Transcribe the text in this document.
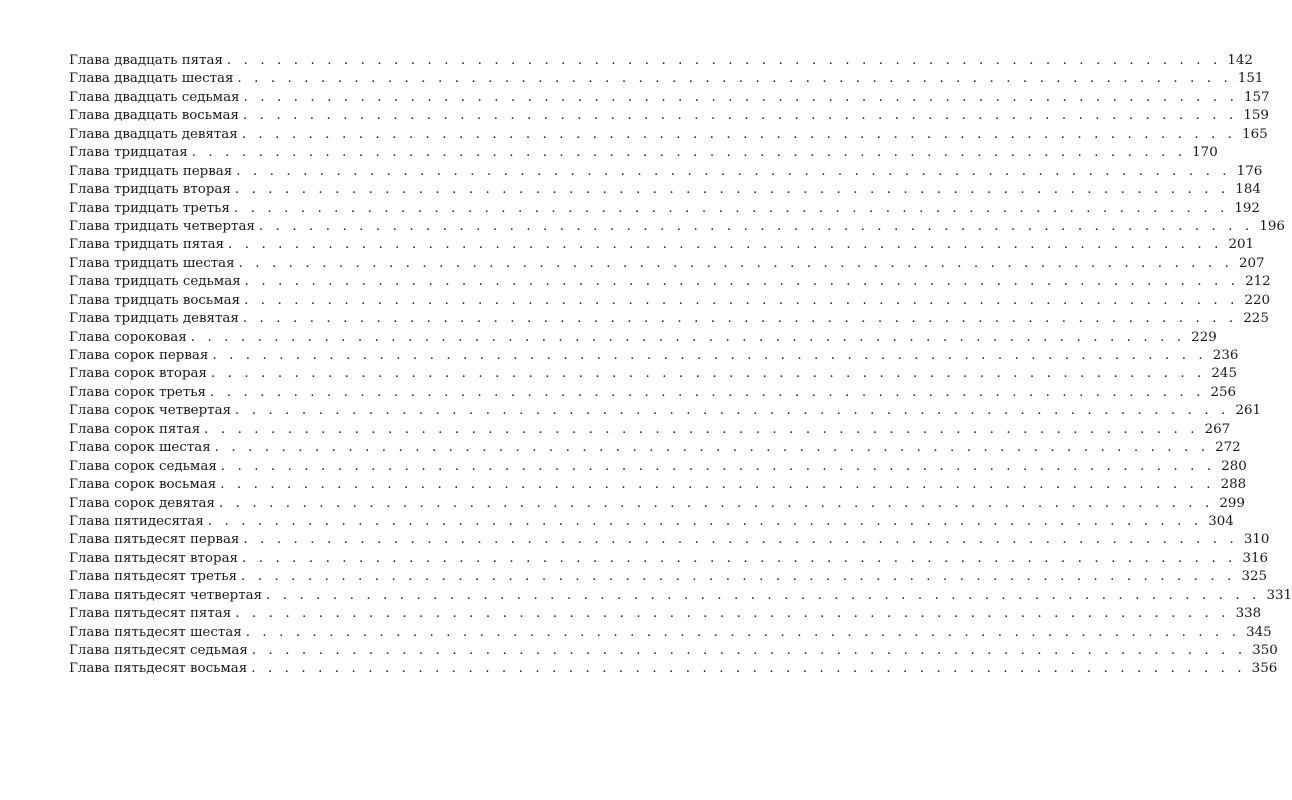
Глава двадцать пятая . . . . . . . . . . . . . . . . . . . . . . . . . . . . . . . . . . . . . . . . . . . . . . . . . . . . . . . . . . . . 142
Глава двадцать шестая . . . . . . . . . . . . . . . . . . . . . . . . . . . . . . . . . . . . . . . . . . . . . . . . . . . . . . . . . . . . 151
Глава двадцать седьмая . . . . . . . . . . . . . . . . . . . . . . . . . . . . . . . . . . . . . . . . . . . . . . . . . . . . . . . . . . . . 157
Глава двадцать восьмая . . . . . . . . . . . . . . . . . . . . . . . . . . . . . . . . . . . . . . . . . . . . . . . . . . . . . . . . . . . . 159
Глава двадцать девятая . . . . . . . . . . . . . . . . . . . . . . . . . . . . . . . . . . . . . . . . . . . . . . . . . . . . . . . . . . . . 165
Глава тридцатая . . . . . . . . . . . . . . . . . . . . . . . . . . . . . . . . . . . . . . . . . . . . . . . . . . . . . . . . . . . . 170
Глава тридцать первая . . . . . . . . . . . . . . . . . . . . . . . . . . . . . . . . . . . . . . . . . . . . . . . . . . . . . . . . . . . . 176
Глава тридцать вторая . . . . . . . . . . . . . . . . . . . . . . . . . . . . . . . . . . . . . . . . . . . . . . . . . . . . . . . . . . . . 184
Глава тридцать третья . . . . . . . . . . . . . . . . . . . . . . . . . . . . . . . . . . . . . . . . . . . . . . . . . . . . . . . . . . . . 192
Глава тридцать четвертая . . . . . . . . . . . . . . . . . . . . . . . . . . . . . . . . . . . . . . . . . . . . . . . . . . . . . . . . . . . . 196
Глава тридцать пятая . . . . . . . . . . . . . . . . . . . . . . . . . . . . . . . . . . . . . . . . . . . . . . . . . . . . . . . . . . . . 201
Глава тридцать шестая . . . . . . . . . . . . . . . . . . . . . . . . . . . . . . . . . . . . . . . . . . . . . . . . . . . . . . . . . . . . 207
Глава тридцать седьмая . . . . . . . . . . . . . . . . . . . . . . . . . . . . . . . . . . . . . . . . . . . . . . . . . . . . . . . . . . . . 212
Глава тридцать восьмая . . . . . . . . . . . . . . . . . . . . . . . . . . . . . . . . . . . . . . . . . . . . . . . . . . . . . . . . . . . . 220
Глава тридцать девятая . . . . . . . . . . . . . . . . . . . . . . . . . . . . . . . . . . . . . . . . . . . . . . . . . . . . . . . . . . . . 225
Глава сороковая . . . . . . . . . . . . . . . . . . . . . . . . . . . . . . . . . . . . . . . . . . . . . . . . . . . . . . . . . . . . 229
Глава сорок первая . . . . . . . . . . . . . . . . . . . . . . . . . . . . . . . . . . . . . . . . . . . . . . . . . . . . . . . . . . . . 236
Глава сорок вторая . . . . . . . . . . . . . . . . . . . . . . . . . . . . . . . . . . . . . . . . . . . . . . . . . . . . . . . . . . . . 245
Глава сорок третья . . . . . . . . . . . . . . . . . . . . . . . . . . . . . . . . . . . . . . . . . . . . . . . . . . . . . . . . . . . . 256
Глава сорок четвертая . . . . . . . . . . . . . . . . . . . . . . . . . . . . . . . . . . . . . . . . . . . . . . . . . . . . . . . . . . . . 261
Глава сорок пятая . . . . . . . . . . . . . . . . . . . . . . . . . . . . . . . . . . . . . . . . . . . . . . . . . . . . . . . . . . . . 267
Глава сорок шестая . . . . . . . . . . . . . . . . . . . . . . . . . . . . . . . . . . . . . . . . . . . . . . . . . . . . . . . . . . . . 272
Глава сорок седьмая . . . . . . . . . . . . . . . . . . . . . . . . . . . . . . . . . . . . . . . . . . . . . . . . . . . . . . . . . . . . 280
Глава сорок восьмая . . . . . . . . . . . . . . . . . . . . . . . . . . . . . . . . . . . . . . . . . . . . . . . . . . . . . . . . . . . . 288
Глава сорок девятая . . . . . . . . . . . . . . . . . . . . . . . . . . . . . . . . . . . . . . . . . . . . . . . . . . . . . . . . . . . . 299
Глава пятидесятая . . . . . . . . . . . . . . . . . . . . . . . . . . . . . . . . . . . . . . . . . . . . . . . . . . . . . . . . . . . . 304
Глава пятьдесят первая . . . . . . . . . . . . . . . . . . . . . . . . . . . . . . . . . . . . . . . . . . . . . . . . . . . . . . . . . . . . 310
Глава пятьдесят вторая . . . . . . . . . . . . . . . . . . . . . . . . . . . . . . . . . . . . . . . . . . . . . . . . . . . . . . . . . . . . 316
Глава пятьдесят третья . . . . . . . . . . . . . . . . . . . . . . . . . . . . . . . . . . . . . . . . . . . . . . . . . . . . . . . . . . . . 325
Глава пятьдесят четвертая . . . . . . . . . . . . . . . . . . . . . . . . . . . . . . . . . . . . . . . . . . . . . . . . . . . . . . . . . . . . 331
Глава пятьдесят пятая . . . . . . . . . . . . . . . . . . . . . . . . . . . . . . . . . . . . . . . . . . . . . . . . . . . . . . . . . . . . 338
Глава пятьдесят шестая . . . . . . . . . . . . . . . . . . . . . . . . . . . . . . . . . . . . . . . . . . . . . . . . . . . . . . . . . . . . 345
Глава пятьдесят седьмая . . . . . . . . . . . . . . . . . . . . . . . . . . . . . . . . . . . . . . . . . . . . . . . . . . . . . . . . . . . . 350
Глава пятьдесят восьмая . . . . . . . . . . . . . . . . . . . . . . . . . . . . . . . . . . . . . . . . . . . . . . . . . . . . . . . . . . . . 356
